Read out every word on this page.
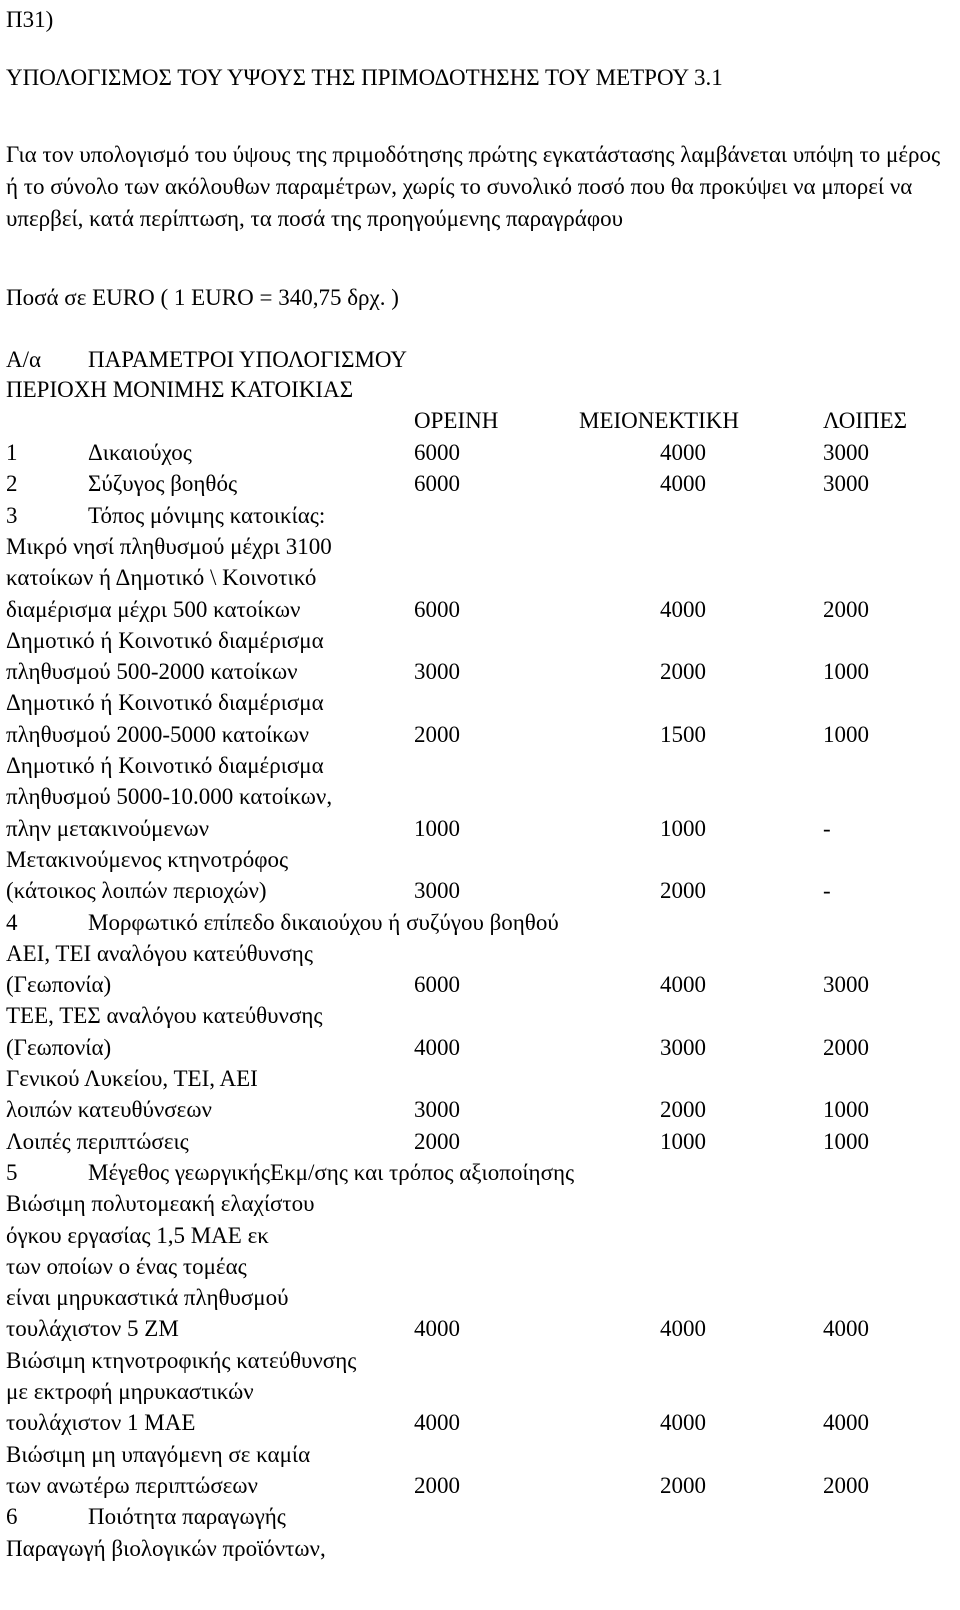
Π31)

ΥΠΟΛΟΓΙΣΜΟΣ ΤΟΥ ΥΨΟΥΣ ΤΗΣ ΠΡΙΜΟΔΟΤΗΣΗΣ ΤΟΥ ΜΕΤΡΟΥ 3.1

Για τον υπολογισμό του ύψους της πριμοδότησης πρώτης εγκατάστασης λαμβάνεται υπόψη το μέρος ή το σύνολο των ακόλουθων παραμέτρων, χωρίς το συνολικό ποσό που θα προκύψει να μπορεί να υπερβεί, κατά περίπτωση, τα ποσά της προηγούμενης παραγράφου

Ποσά σε EURO ( 1 EURO = 340,75 δρχ. )

Α/α ΠΑΡΑΜΕΤΡΟΙ ΥΠΟΛΟΓΙΣΜΟΥ
ΠΕΡΙΟΧΗ ΜΟΝΙΜΗΣ ΚΑΤΟΙΚΙΑΣ
ΟΡΕΙΝΗ	ΜΕΙΟΝΕΚΤΙΚΗ	ΛΟΙΠΕΣ
1	Δικαιούχος	6000	4000	3000
2	Σύζυγος βοηθός	6000	4000	3000
3	Τόπος μόνιμης κατοικίας:
Μικρό νησί πληθυσμού μέχρι 3100
κατοίκων ή Δημοτικό \ Κοινοτικό
διαμέρισμα μέχρι 500 κατοίκων	6000	4000	2000
Δημοτικό ή Κοινοτικό διαμέρισμα
πληθυσμού 500-2000 κατοίκων	3000	2000	1000
Δημοτικό ή Κοινοτικό διαμέρισμα
πληθυσμού 2000-5000 κατοίκων	2000	1500	1000
Δημοτικό ή Κοινοτικό διαμέρισμα
πληθυσμού 5000-10.000 κατοίκων,
πλην μετακινούμενων	1000	1000	-
Μετακινούμενος κτηνοτρόφος
(κάτοικος λοιπών περιοχών)	3000	2000	-
4	Μορφωτικό επίπεδο δικαιούχου ή συζύγου βοηθού
ΑΕΙ, ΤΕΙ αναλόγου κατεύθυνσης
(Γεωπονία)	6000	4000	3000
ΤΕΕ, ΤΕΣ αναλόγου κατεύθυνσης
(Γεωπονία)	4000	3000	2000
Γενικού Λυκείου, ΤΕΙ, ΑΕΙ
λοιπών κατευθύνσεων	3000	2000	1000
Λοιπές περιπτώσεις	2000	1000	1000
5	Μέγεθος γεωργικήςΕκμ/σης και τρόπος αξιοποίησης
Βιώσιμη πολυτομεακή ελαχίστου
όγκου εργασίας 1,5 ΜΑΕ εκ
των οποίων ο ένας τομέας
είναι μηρυκαστικά πληθυσμού
τουλάχιστον 5 ΖΜ	4000	4000	4000
Βιώσιμη κτηνοτροφικής κατεύθυνσης
με εκτροφή μηρυκαστικών
τουλάχιστον 1 ΜΑΕ	4000	4000	4000
Βιώσιμη μη υπαγόμενη σε καμία
των ανωτέρω περιπτώσεων	2000	2000	2000
6	Ποιότητα παραγωγής
Παραγωγή βιολογικών προϊόντων,
